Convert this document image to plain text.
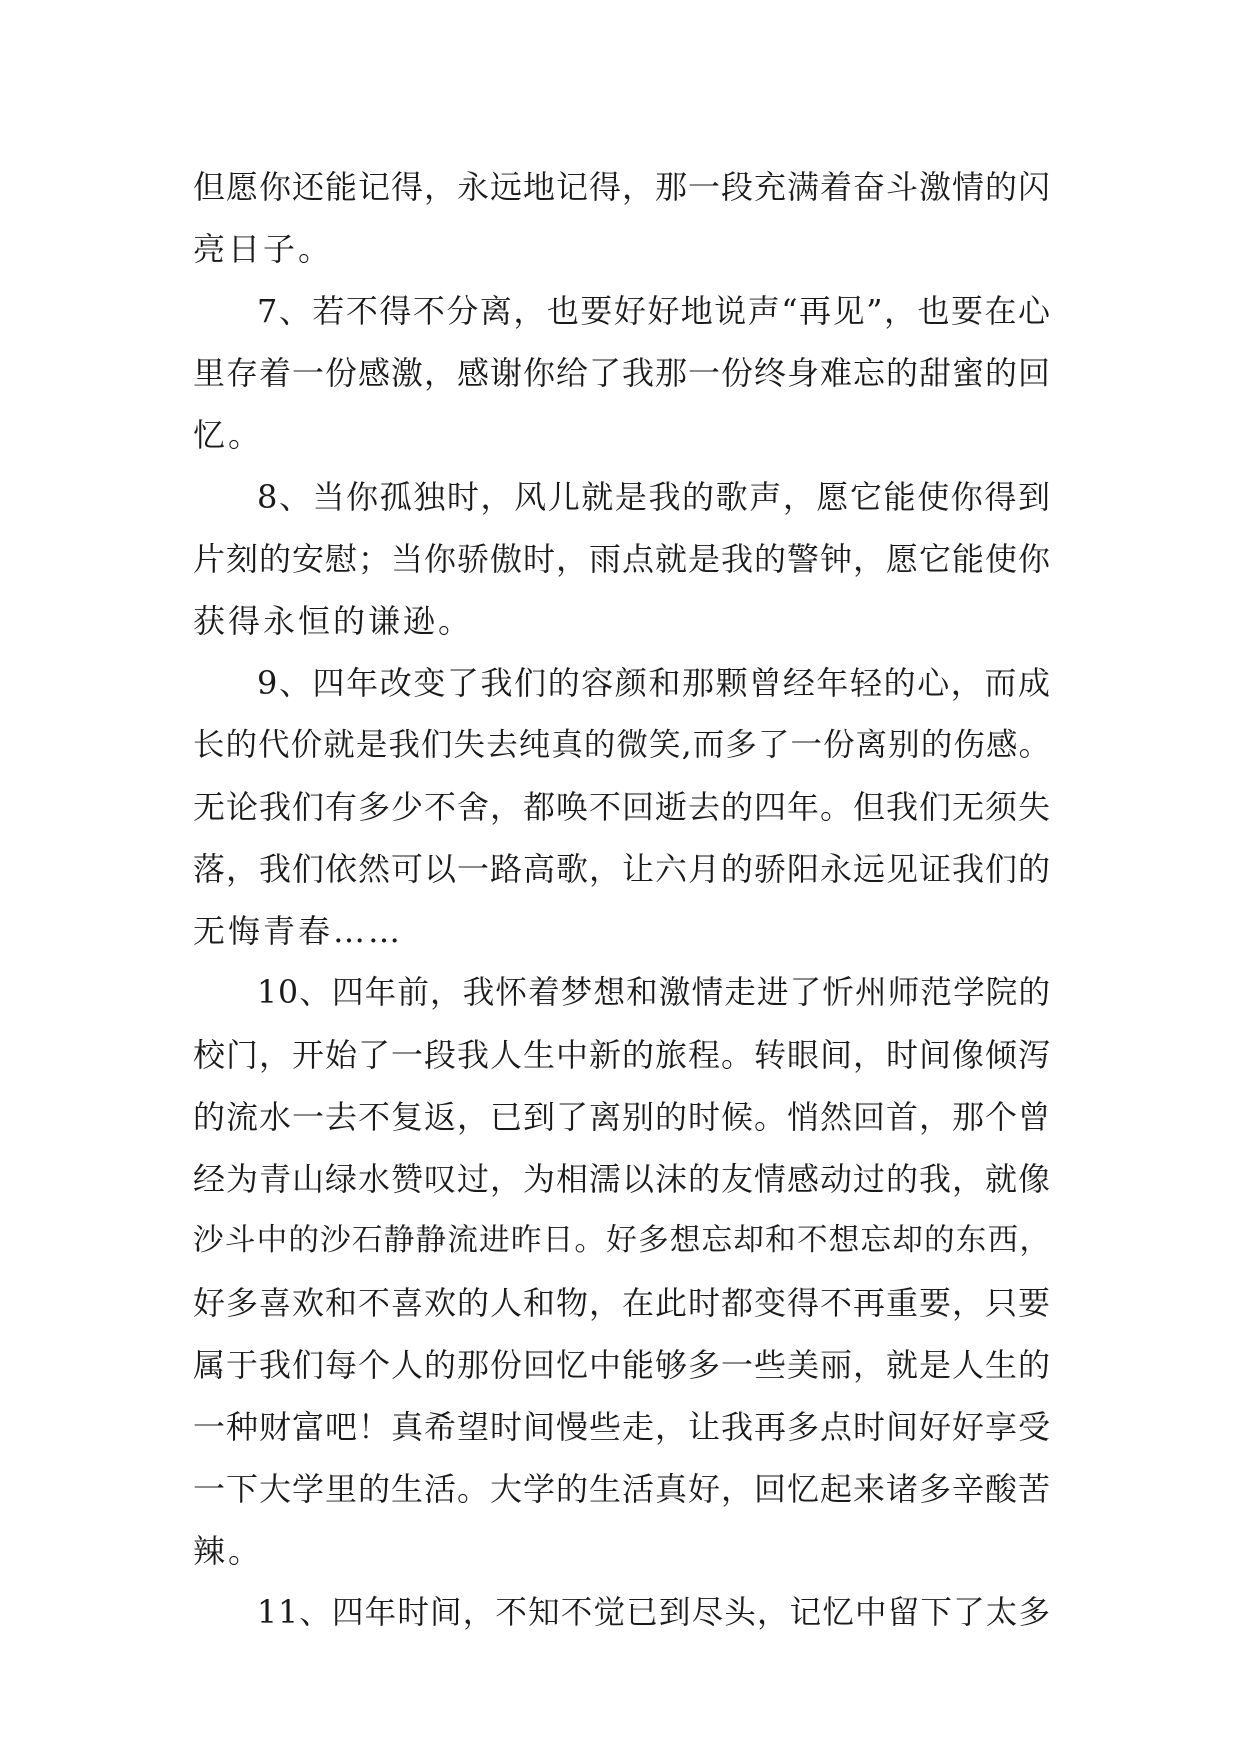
但愿你还能记得，永远地记得，那一段充满着奋斗激情的闪
亮日子。
7、若不得不分离，也要好好地说声“再见”，也要在心
里存着一份感激，感谢你给了我那一份终身难忘的甜蜜的回
忆。
8、当你孤独时，风儿就是我的歌声，愿它能使你得到
片刻的安慰；当你骄傲时，雨点就是我的警钟，愿它能使你
获得永恒的谦逊。
9、四年改变了我们的容颜和那颗曾经年轻的心，而成
长的代价就是我们失去纯真的微笑,而多了一份离别的伤感。
无论我们有多少不舍，都唤不回逝去的四年。但我们无须失
落，我们依然可以一路高歌，让六月的骄阳永远见证我们的
无悔青春……
10、四年前，我怀着梦想和激情走进了忻州师范学院的
校门，开始了一段我人生中新的旅程。转眼间，时间像倾泻
的流水一去不复返，已到了离别的时候。悄然回首，那个曾
经为青山绿水赞叹过，为相濡以沫的友情感动过的我，就像
沙斗中的沙石静静流进昨日。好多想忘却和不想忘却的东西，
好多喜欢和不喜欢的人和物，在此时都变得不再重要，只要
属于我们每个人的那份回忆中能够多一些美丽，就是人生的
一种财富吧！真希望时间慢些走，让我再多点时间好好享受
一下大学里的生活。大学的生活真好，回忆起来诸多辛酸苦
辣。
11、四年时间，不知不觉已到尽头，记忆中留下了太多
